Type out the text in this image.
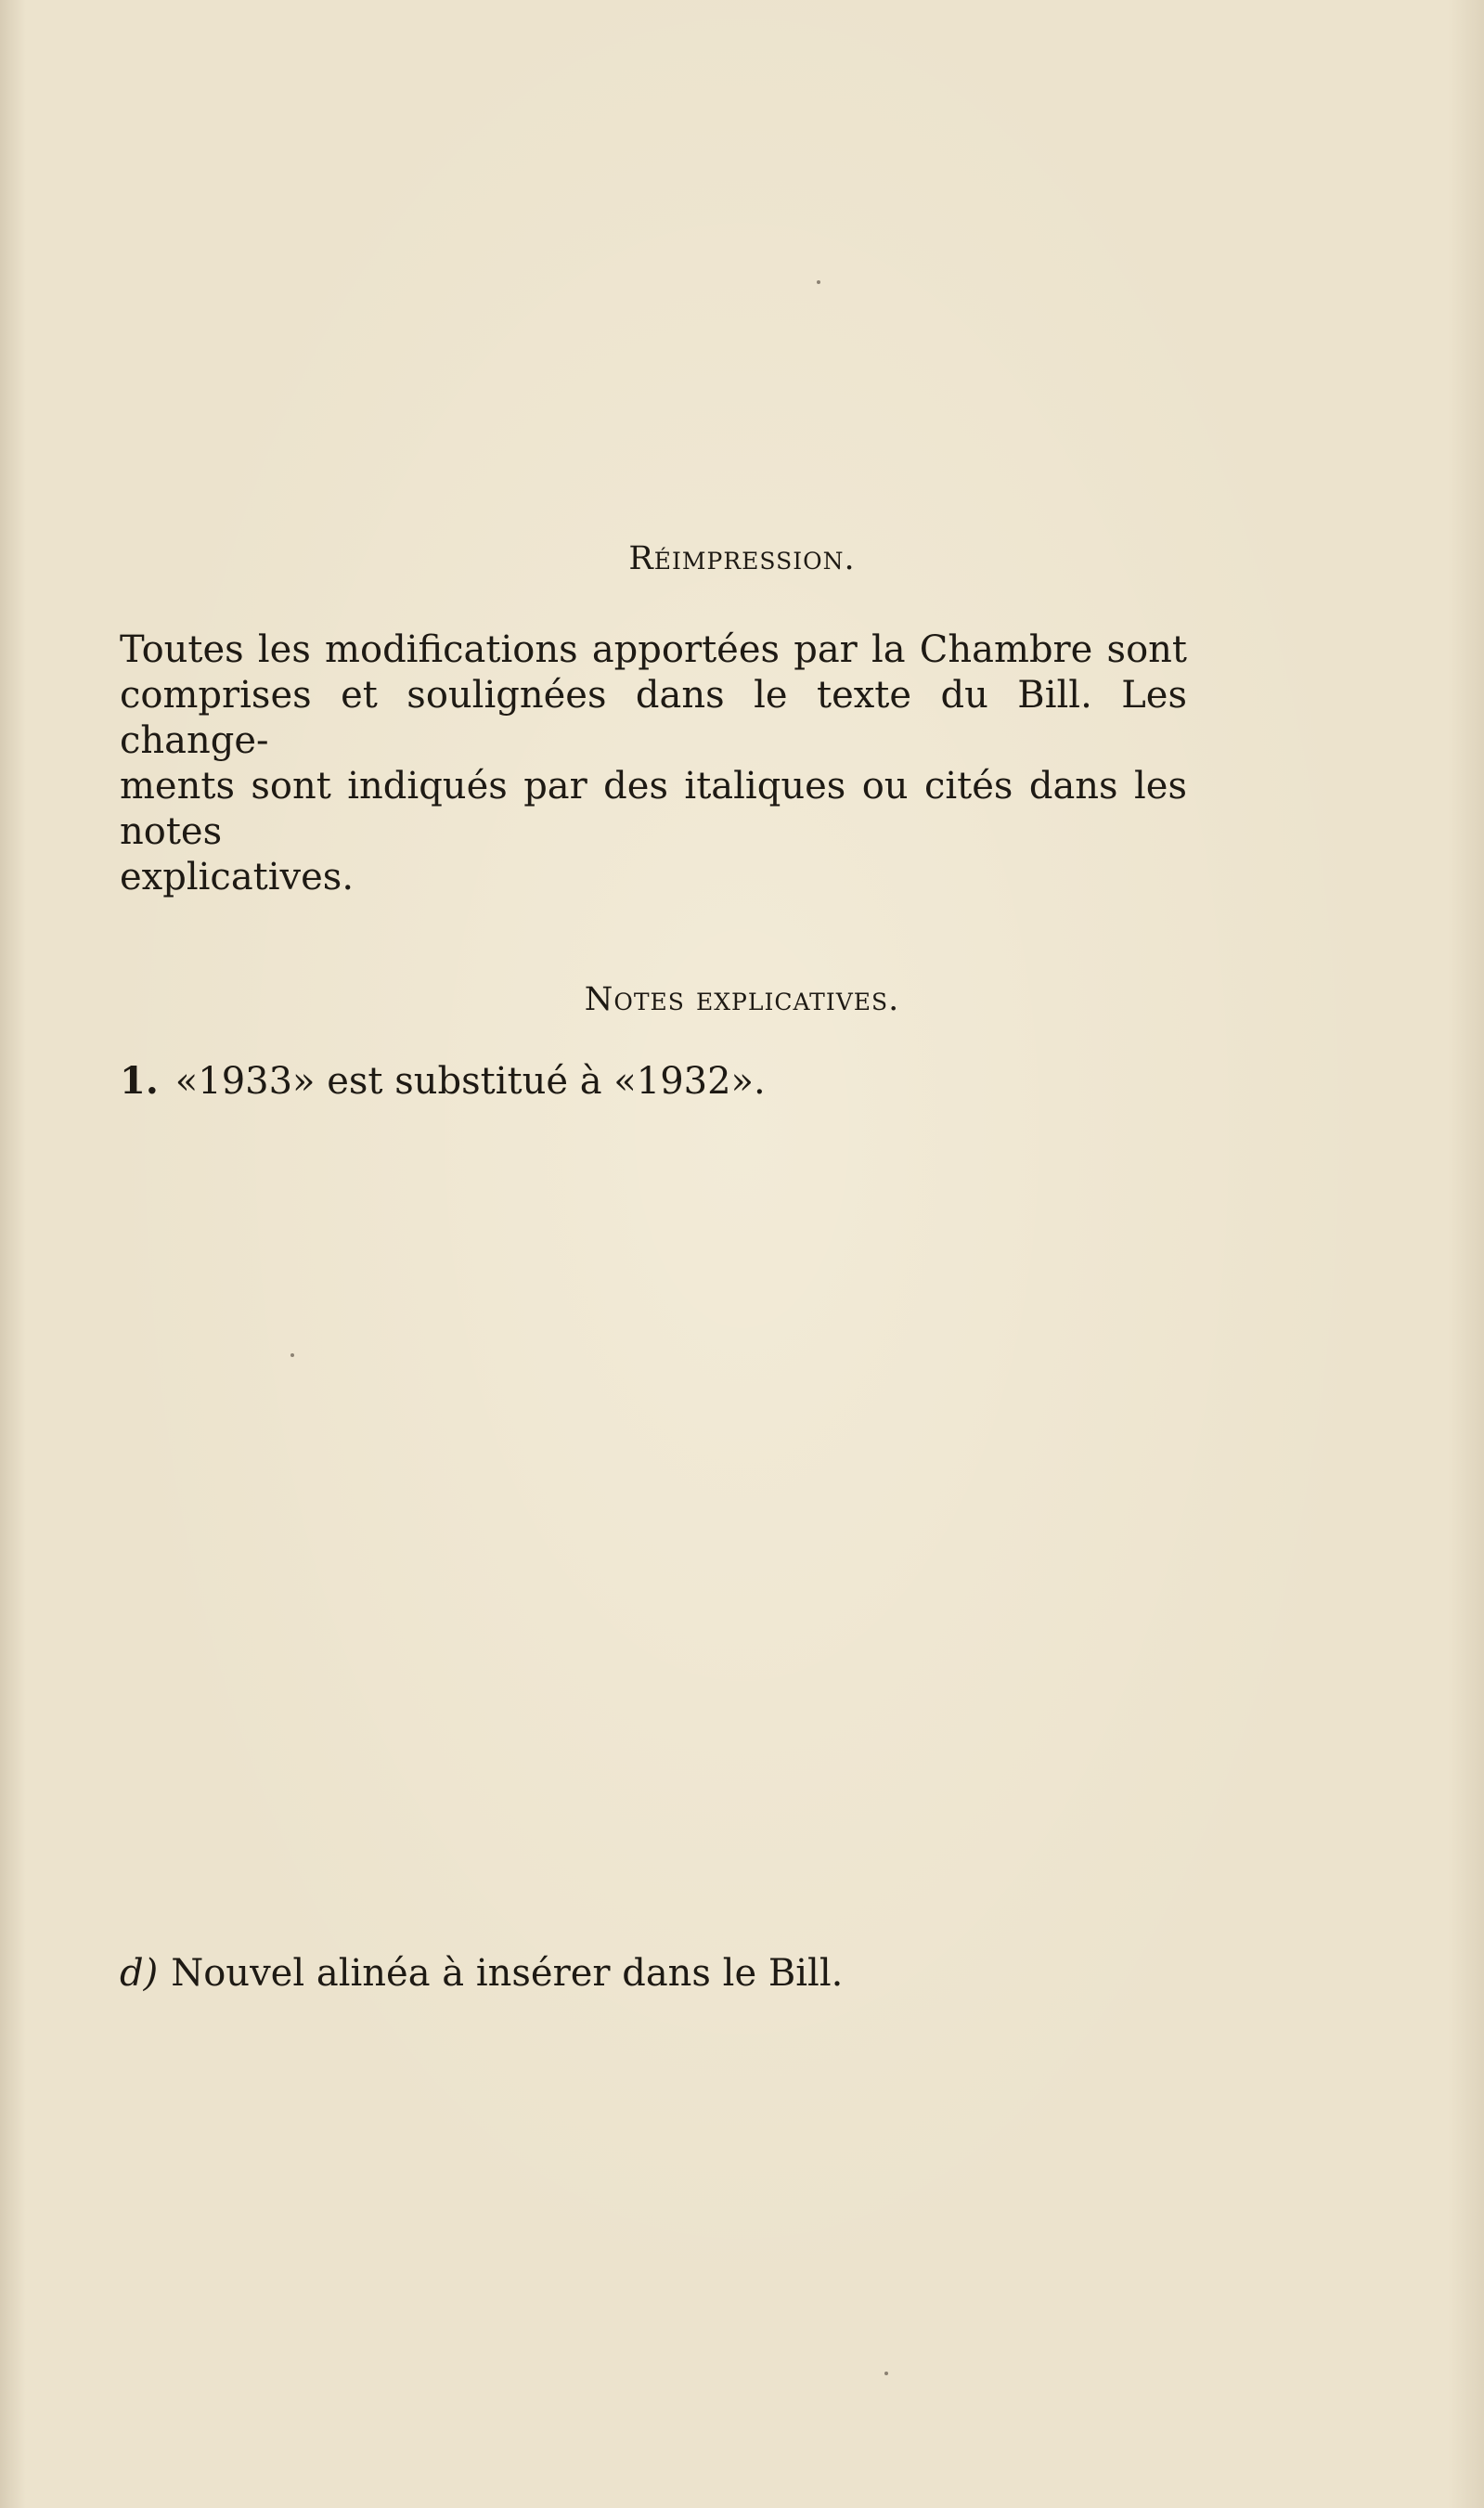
Réimpression.
Toutes les modifications apportées par la Chambre sont
comprises et soulignées dans le texte du Bill. Les change-
ments sont indiqués par des italiques ou cités dans les notes
explicatives.
Notes explicatives.
1. «1933» est substitué à «1932».
d) Nouvel alinéa à insérer dans le Bill.
